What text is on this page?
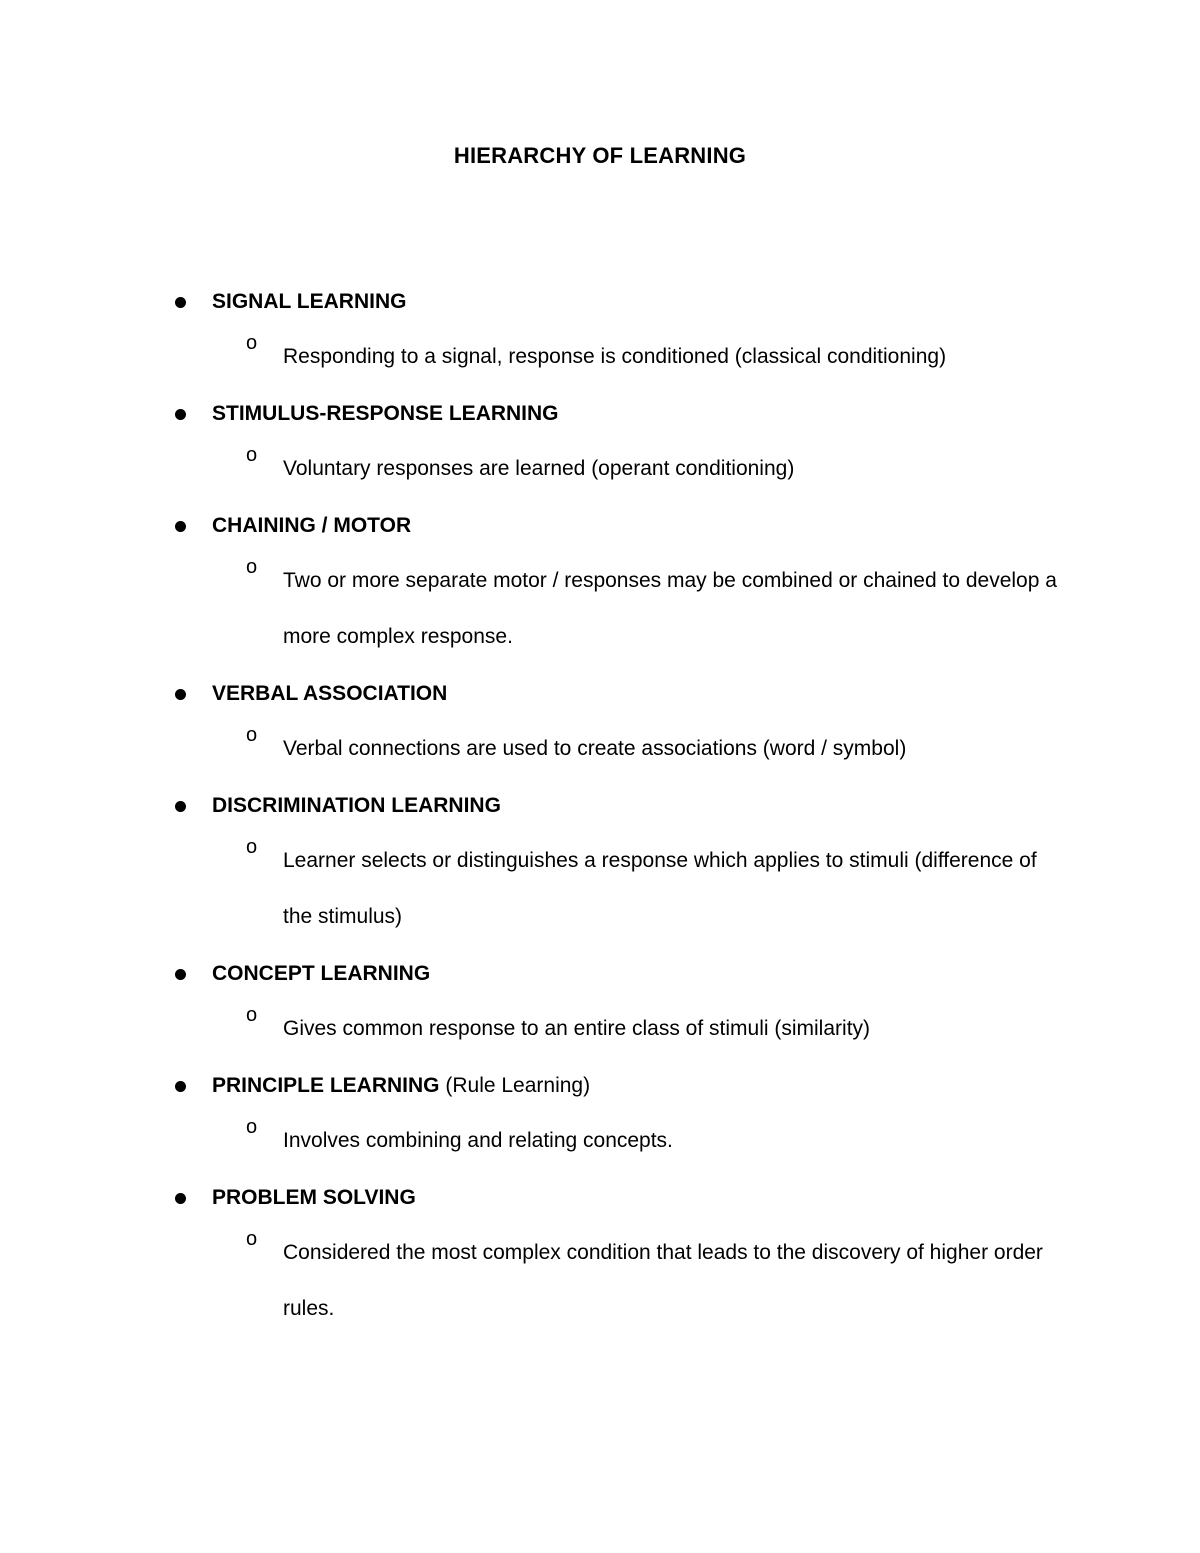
HIERARCHY OF LEARNING
SIGNAL LEARNING
o
Responding to a signal, response is conditioned (classical conditioning)
STIMULUS-RESPONSE LEARNING
o
Voluntary responses are learned (operant conditioning)
CHAINING / MOTOR
o
Two or more separate motor / responses may be combined or chained to develop a more complex response.
VERBAL ASSOCIATION
o
Verbal connections are used to create associations (word / symbol)
DISCRIMINATION LEARNING
o
Learner selects or distinguishes a response which applies to stimuli (difference of the stimulus)
CONCEPT LEARNING
o
Gives common response to an entire class of stimuli (similarity)
PRINCIPLE LEARNING (Rule Learning)
o
Involves combining and relating concepts.
PROBLEM SOLVING
o
Considered the most complex condition that leads to the discovery of higher order rules.
